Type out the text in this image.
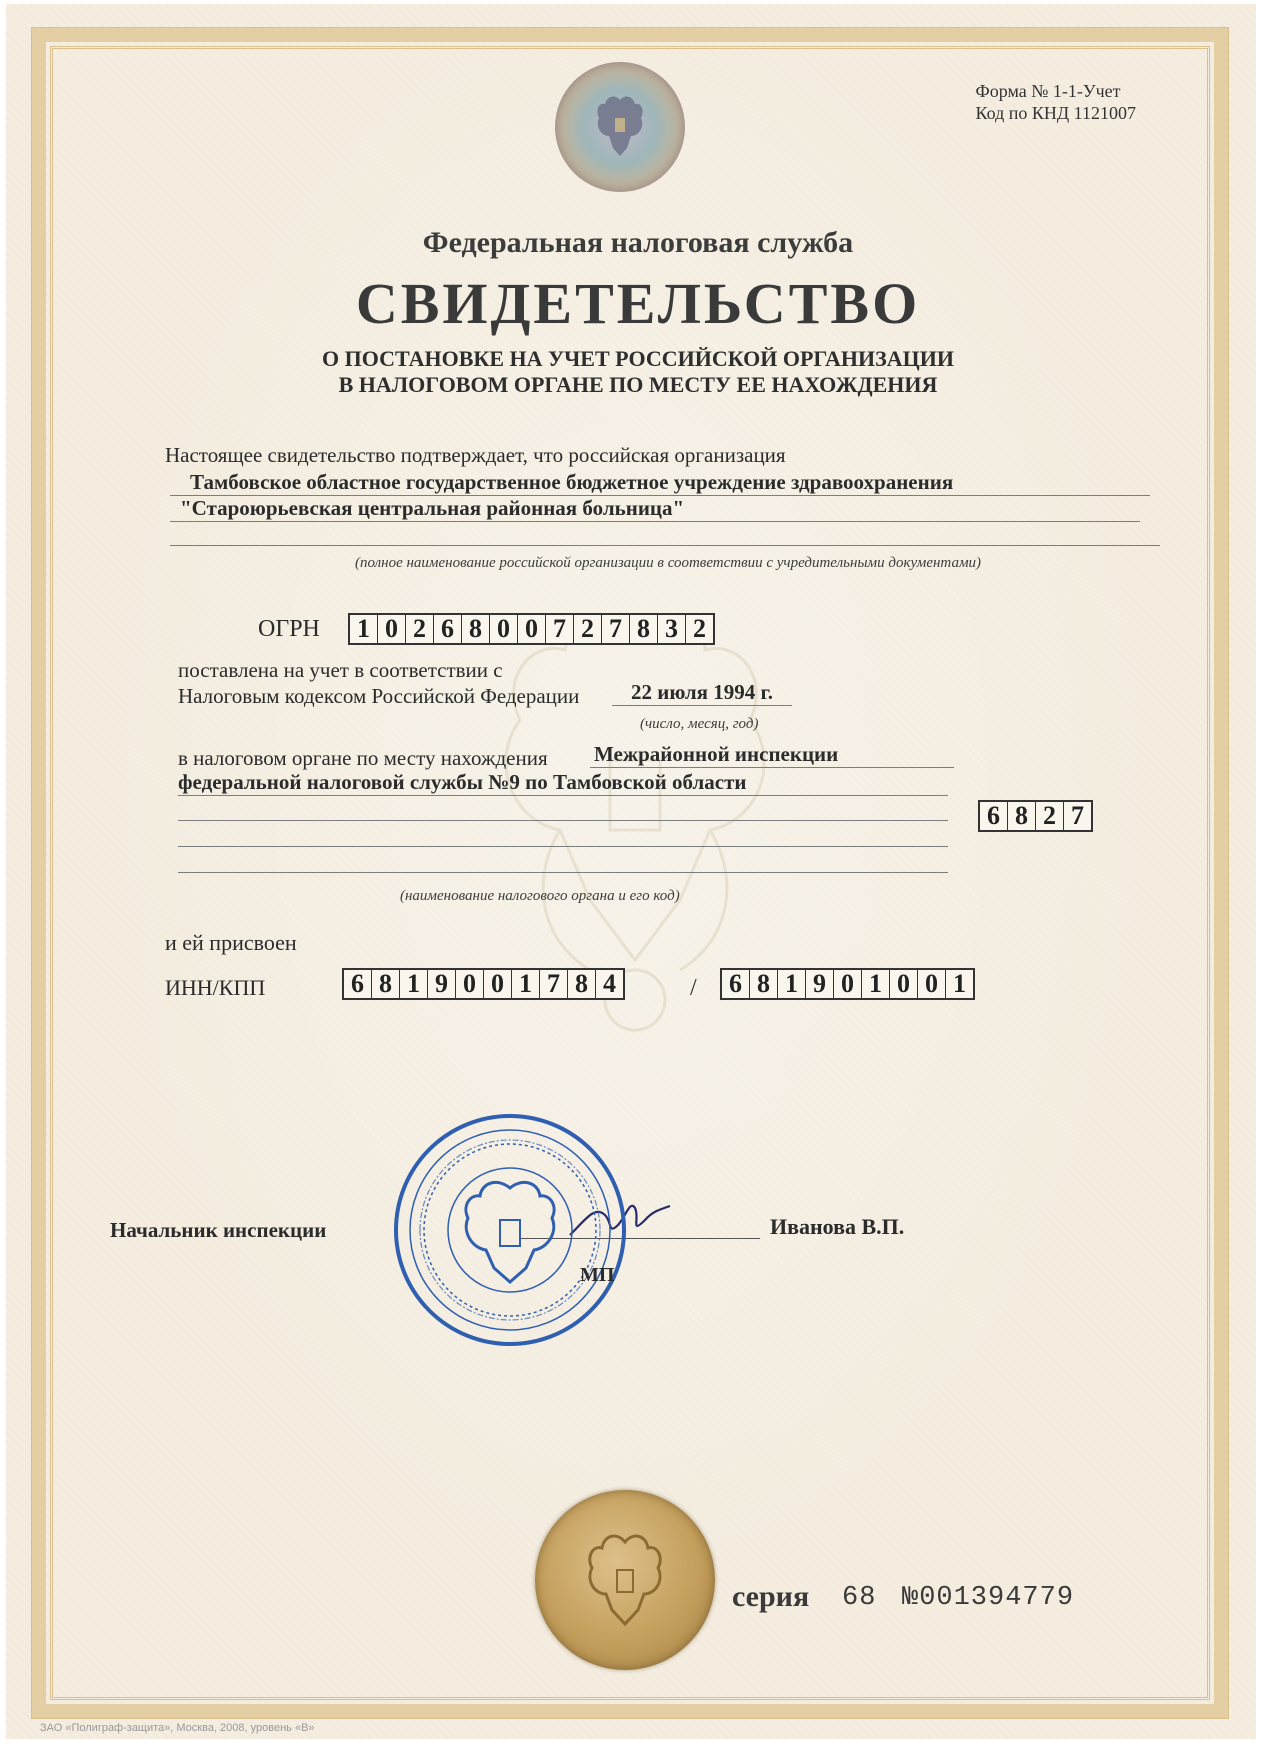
Форма № 1-1-Учет
Код по КНД 1121007
Федеральная налоговая служба
СВИДЕТЕЛЬСТВО
О ПОСТАНОВКЕ НА УЧЕТ РОССИЙСКОЙ ОРГАНИЗАЦИИ
В НАЛОГОВОМ ОРГАНЕ ПО МЕСТУ ЕЕ НАХОЖДЕНИЯ
Настоящее свидетельство подтверждает, что российская организация
Тамбовское областное государственное бюджетное учреждение здравоохранения
"Староюрьевская центральная районная больница"
(полное наименование российской организации в соответствии с учредительными документами)
ОГРН 1 0 2 6 8 0 0 7 2 7 8 3 2
поставлена на учет в соответствии с
Налоговым кодексом Российской Федерации	22 июля 1994 г.
(число, месяц, год)
в налоговом органе по месту нахождения Межрайонной инспекции
федеральной налоговой службы №9 по Тамбовской области
6 8 2 7
(наименование налогового органа и его код)
и ей присвоен
ИНН/КПП	6 8 1 9 0 0 1 7 8 4	/ 6 8 1 9 0 1 0 0 1
Начальник инспекции	Иванова В.П.
МП
серия 68 №001394779
ЗАО «Полиграф-защита», Москва, 2008, уровень «В»
